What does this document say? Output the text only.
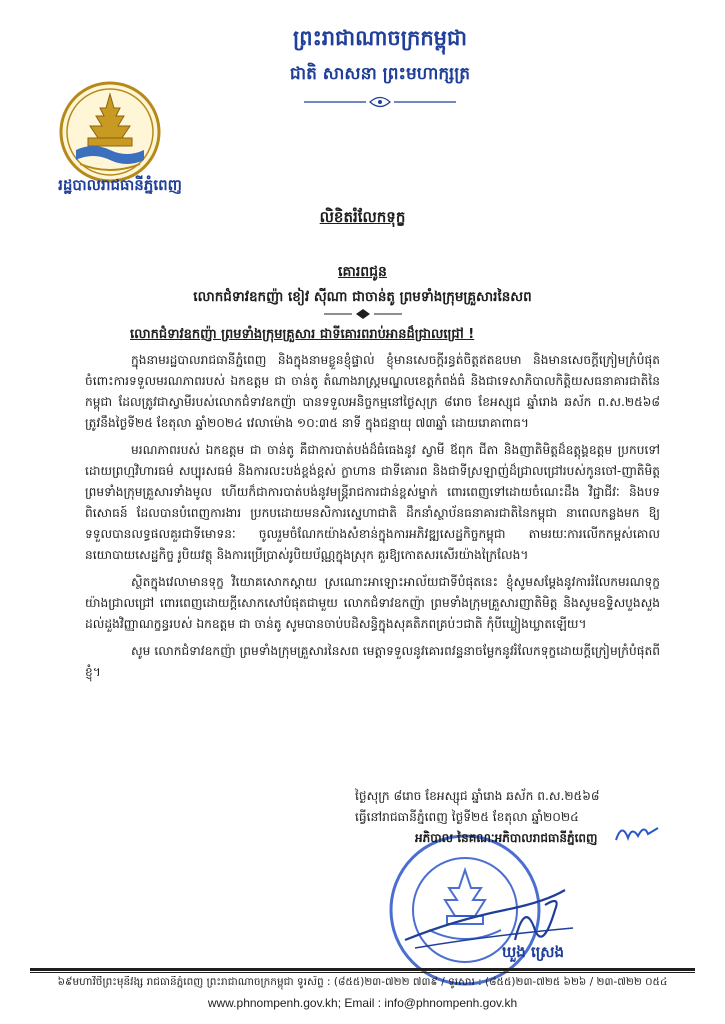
ព្រះរាជាណាចក្រកម្ពុជា
ជាតិ សាសនា ព្រះមហាក្សត្រ
រដ្ឋបាលរាជធានីភ្នំពេញ
លិខិតរំលែកទុក្ខ
គោរពជូន
លោកជំទាវឧកញ៉ា ខៀវ ស៊ីណា ជាចាន់តូ ព្រមទាំងក្រុមគ្រួសារនៃសព
លោកជំទាវឧកញ៉ា ព្រមទាំងក្រុមគ្រួសារ ជាទីគោរពរាប់អានដ៏ជ្រាលជ្រៅ !

ក្នុងនាមរដ្ឋបាលរាជធានីភ្នំពេញ និងក្នុងនាមខ្លួនខ្ញុំផ្ទាល់ ខ្ញុំមានសេចក្តីរន្ធត់ចិត្តឥតឧបមា និងមានសេចក្តីក្រៀមក្រំបំផុត ចំពោះការទទួលមរណភាពរបស់ ឯកឧត្តម ជា ចាន់តូ តំណាងរាស្ត្រមណ្ឌលខេត្តកំពង់ធំ និងជាទេសាភិបាលកិត្តិយសធនាគារជាតិនៃកម្ពុជា ដែលត្រូវជាស្វាមីរបស់លោកជំទាវឧកញ៉ា បានទទួលអនិច្ចកម្មនៅថ្ងៃសុក្រ ៨រោច ខែអស្សុជ ឆ្នាំរោង ឆស័ក ព.ស.២៥៦៨ ត្រូវនឹងថ្ងៃទី២៥ ខែតុលា ឆ្នាំ២០២៤ វេលាម៉ោង ១០:៣៥ នាទី ក្នុងជន្មាយុ ៧៣ឆ្នាំ ដោយរោគាពាធ។

មរណភាពរបស់ ឯកឧត្តម ជា ចាន់តូ គឺជាការបាត់បង់ដ៏ធំធេងនូវ ស្វាមី ឪពុក ជីតា និងញាតិមិត្តដ៏ឧត្តុង្គឧត្តម ប្រកបទៅដោយព្រហ្មវិហារធម៌ សប្បុរសធម៌ និងការលះបង់ខ្ពង់ខ្ពស់ ក្លាហាន ជាទីគោរព និងជាទីស្រឡាញ់ដ៏ជ្រាលជ្រៅរបស់កូនចៅ-ញាតិមិត្ត ព្រមទាំងក្រុមគ្រួសារទាំងមូល ហើយក៏ជាការបាត់បង់នូវមន្ត្រីរាជការជាន់ខ្ពស់ម្នាក់ ពោរពេញទៅដោយចំណេះដឹង វិជ្ជាជីវៈ និងបទពិសោធន៍ ដែលបានបំពេញការងារ ប្រកបដោយមនសិការស្នេហាជាតិ ដឹកនាំស្ថាប័នធនាគារជាតិនៃកម្ពុជា នាពេលកន្លងមក ឱ្យទទួលបានលទ្ធផលគួរជាទីមោទនៈ ចូលរួមចំណែកយ៉ាងសំខាន់ក្នុងការអភិវឌ្ឍសេដ្ឋកិច្ចកម្ពុជា តាមរយៈការលើកកម្ពស់គោលនយោបាយសេដ្ឋកិច្ច រូបិយវត្ថុ និងការប្រើប្រាស់រូបិយប័ណ្ណក្នុងស្រុក គួរឱ្យកោតសរសើរយ៉ាងក្រៃលែង។

ស្ថិតក្នុងវេលាមានទុក្ខ វិយោគសោកស្តាយ ស្រណោះអាឡោះអាល័យជាទីបំផុតនេះ ខ្ញុំសូមសម្តែងនូវការរំលែកមរណទុក្ខយ៉ាងជ្រាលជ្រៅ ពោរពេញដោយក្តីសោកសៅបំផុតជាមួយ លោកជំទាវឧកញ៉ា ព្រមទាំងក្រុមគ្រួសារញាតិមិត្ត និងសូមឧទ្ទិសបួងសួងដល់ដួងវិញ្ញាណក្ខន្ធរបស់ ឯកឧត្តម ជា ចាន់តូ សូមបានចាប់បដិសន្ធិក្នុងសុគតិភពគ្រប់ៗជាតិ កុំបីឃ្លៀងឃ្លាតឡើយ។

សូម លោកជំទាវឧកញ៉ា ព្រមទាំងក្រុមគ្រួសារនៃសព មេត្តាទទួលនូវគោរពវន្ទនាចម្លែកនូវរំលែកទុក្ខដោយក្តីក្រៀមក្រំបំផុតពីខ្ញុំ។

ថ្ងៃសុក្រ ៨រោច ខែអស្សុជ ឆ្នាំរោង ឆស័ក ព.ស.២៥៦៨
ធ្វើនៅរាជធានីភ្នំពេញ ថ្ងៃទី២៥ ខែតុលា ឆ្នាំ២០២៤
អភិបាល នៃគណៈអភិបាលរាជធានីភ្នំពេញ
ឃួង ស្រេង
៦៩មហាវិថីព្រះមុនីវង្ស រាជធានីភ្នំពេញ ព្រះរាជាណាចក្រកម្ពុជា ទូរស័ព្ទ : (៨៥៥)២៣-៧២២ ៧៣៩ / ទូរសារ : (៨៥៥)២៣-៧២៥ ៦២៦ / ២៣-៧២២ ០៥៤
www.phnompenh.gov.kh; Email : info@phnompenh.gov.kh
